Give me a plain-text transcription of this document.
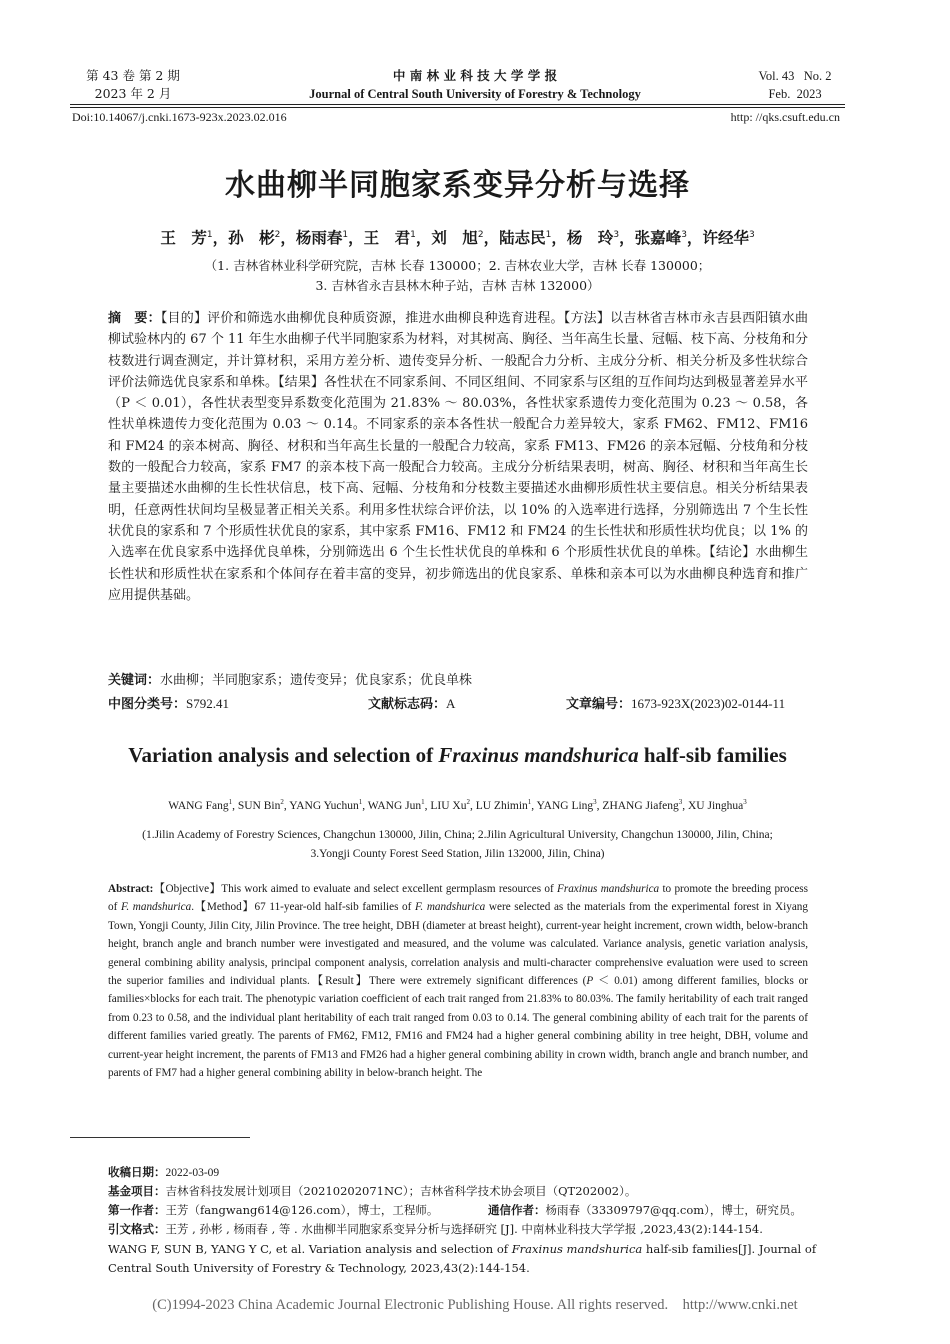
第 43 卷 第 2 期
2023 年 2 月
中 南 林 业 科 技 大 学 学 报
Journal of Central South University of Forestry & Technology
Vol. 43   No. 2
Feb.  2023
Doi:10.14067/j.cnki.1673-923x.2023.02.016	http: //qks.csuft.edu.cn
水曲柳半同胞家系变异分析与选择
王　芳$^1$，孙　彬$^2$，杨雨春$^1$，王　君$^1$，刘　旭$^2$，陆志民$^1$，杨　玲$^3$，张嘉峰$^3$，许经华$^3$
（1. 吉林省林业科学研究院，吉林 长春 130000；2. 吉林农业大学，吉林 长春 130000；
3. 吉林省永吉县林木种子站，吉林 吉林 132000）
摘　要：【目的】评价和筛选水曲柳优良种质资源，推进水曲柳良种选育进程。【方法】以吉林省吉林市永吉县西阳镇水曲柳试验林内的 67 个 11 年生水曲柳子代半同胞家系为材料，对其树高、胸径、当年高生长量、冠幅、枝下高、分枝角和分枝数进行调查测定，并计算材积，采用方差分析、遗传变异分析、一般配合力分析、主成分分析、相关分析及多性状综合评价法筛选优良家系和单株。【结果】各性状在不同家系间、不同区组间、不同家系与区组的互作间均达到极显著差异水平（P ＜ 0.01），各性状表型变异系数变化范围为 21.83% ～ 80.03%，各性状家系遗传力变化范围为 0.23 ～ 0.58，各性状单株遗传力变化范围为 0.03 ～ 0.14。不同家系的亲本各性状一般配合力差异较大，家系 FM62、FM12、FM16 和 FM24 的亲本树高、胸径、材积和当年高生长量的一般配合力较高，家系 FM13、FM26 的亲本冠幅、分枝角和分枝数的一般配合力较高，家系 FM7 的亲本枝下高一般配合力较高。主成分分析结果表明，树高、胸径、材积和当年高生长量主要描述水曲柳的生长性状信息，枝下高、冠幅、分枝角和分枝数主要描述水曲柳形质性状主要信息。相关分析结果表明，任意两性状间均呈极显著正相关关系。利用多性状综合评价法，以 10% 的入选率进行选择，分别筛选出 7 个生长性状优良的家系和 7 个形质性状优良的家系，其中家系 FM16、FM12 和 FM24 的生长性状和形质性状均优良；以 1% 的入选率在优良家系中选择优良单株，分别筛选出 6 个生长性状优良的单株和 6 个形质性状优良的单株。【结论】水曲柳生长性状和形质性状在家系和个体间存在着丰富的变异，初步筛选出的优良家系、单株和亲本可以为水曲柳良种选育和推广应用提供基础。
关键词：水曲柳；半同胞家系；遗传变异；优良家系；优良单株
中图分类号：S792.41	文献标志码：A	文章编号：1673-923X(2023)02-0144-11
Variation analysis and selection of Fraxinus mandshurica half-sib families
WANG Fang$^1$, SUN Bin$^2$, YANG Yuchun$^1$, WANG Jun$^1$, LIU Xu$^2$, LU Zhimin$^1$, YANG Ling$^3$, ZHANG Jiafeng$^3$, XU Jinghua$^3$
(1.Jilin Academy of Forestry Sciences, Changchun 130000, Jilin, China; 2.Jilin Agricultural University, Changchun 130000, Jilin, China;
3.Yongji County Forest Seed Station, Jilin 132000, Jilin, China)
Abstract:【Objective】This work aimed to evaluate and select excellent germplasm resources of Fraxinus mandshurica to promote the breeding process of F. mandshurica.【Method】67 11-year-old half-sib families of F. mandshurica were selected as the materials from the experimental forest in Xiyang Town, Yongji County, Jilin City, Jilin Province. The tree height, DBH (diameter at breast height), current-year height increment, crown width, below-branch height, branch angle and branch number were investigated and measured, and the volume was calculated. Variance analysis, genetic variation analysis, general combining ability analysis, principal component analysis, correlation analysis and multi-character comprehensive evaluation were used to screen the superior families and individual plants.【Result】There were extremely significant differences (P ＜ 0.01) among different families, blocks or families×blocks for each trait. The phenotypic variation coefficient of each trait ranged from 21.83% to 80.03%. The family heritability of each trait ranged from 0.23 to 0.58, and the individual plant heritability of each trait ranged from 0.03 to 0.14. The general combining ability of each trait for the parents of different families varied greatly. The parents of FM62, FM12, FM16 and FM24 had a higher general combining ability in tree height, DBH, volume and current-year height increment, the parents of FM13 and FM26 had a higher general combining ability in crown width, branch angle and branch number, and parents of FM7 had a higher general combining ability in below-branch height. The
收稿日期：2022-03-09
基金项目：吉林省科技发展计划项目（20210202071NC）；吉林省科学技术协会项目（QT202002）。
第一作者：王芳（fangwang614@126.com），博士，工程师。	通信作者：杨雨春（33309797@qq.com），博士，研究员。
引文格式：王芳 , 孙彬 , 杨雨春 , 等 . 水曲柳半同胞家系变异分析与选择研究 [J]. 中南林业科技大学学报 ,2023,43(2):144-154.
WANG F, SUN B, YANG Y C, et al. Variation analysis and selection of Fraxinus mandshurica half-sib families[J]. Journal of Central South University of Forestry & Technology, 2023,43(2):144-154.
(C)1994-2023 China Academic Journal Electronic Publishing House. All rights reserved.    http://www.cnki.net
